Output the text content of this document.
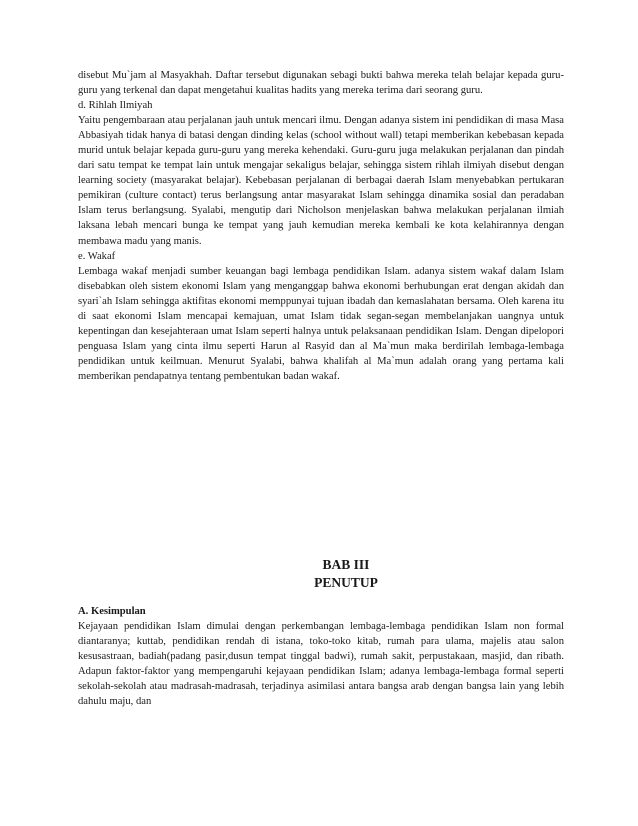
disebut Mu`jam al Masyakhah. Daftar tersebut digunakan sebagi bukti bahwa mereka telah belajar kepada guru-guru yang terkenal dan dapat mengetahui kualitas hadits yang mereka terima dari seorang guru.

d. Rihlah Ilmiyah

Yaitu pengembaraan atau perjalanan jauh untuk mencari ilmu. Dengan adanya sistem ini pendidikan di masa Masa Abbasiyah tidak hanya di batasi dengan dinding kelas (school without wall) tetapi memberikan kebebasan kepada murid untuk belajar kepada guru-guru yang mereka kehendaki. Guru-guru juga melakukan perjalanan dan pindah dari satu tempat ke tempat lain untuk mengajar sekaligus belajar, sehingga sistem rihlah ilmiyah disebut dengan learning society (masyarakat belajar). Kebebasan perjalanan di berbagai daerah Islam menyebabkan pertukaran pemikiran (culture contact) terus berlangsung antar masyarakat Islam sehingga dinamika sosial dan peradaban Islam terus berlangsung. Syalabi, mengutip dari Nicholson menjelaskan bahwa melakukan perjalanan ilmiah laksana lebah mencari bunga ke tempat yang jauh kemudian mereka kembali ke kota kelahirannya dengan membawa madu yang manis.

e. Wakaf

Lembaga wakaf menjadi sumber keuangan bagi lembaga pendidikan Islam. adanya sistem wakaf dalam Islam disebabkan oleh sistem ekonomi Islam yang menganggap bahwa ekonomi berhubungan erat dengan akidah dan syari`ah Islam sehingga aktifitas ekonomi memppunyai tujuan ibadah dan kemaslahatan bersama. Oleh karena itu di saat ekonomi Islam mencapai kemajuan, umat Islam tidak segan-segan membelanjakan uangnya untuk kepentingan dan kesejahteraan umat Islam seperti halnya untuk pelaksanaan pendidikan Islam. Dengan dipelopori penguasa Islam yang cinta ilmu seperti Harun al Rasyid dan al Ma`mun maka berdirilah lembaga-lembaga pendidikan untuk keilmuan. Menurut Syalabi, bahwa khalifah al Ma`mun adalah orang yang pertama kali memberikan pendapatnya tentang pembentukan badan wakaf.

BAB III

PENUTUP

A. Kesimpulan

Kejayaan pendidikan Islam dimulai dengan perkembangan lembaga-lembaga pendidikan Islam non formal diantaranya; kuttab, pendidikan rendah di istana, toko-toko kitab, rumah para ulama, majelis atau salon kesusastraan, badiah(padang pasir,dusun tempat tinggal badwi), rumah sakit, perpustakaan, masjid, dan ribath. Adapun faktor-faktor yang mempengaruhi kejayaan pendidikan Islam; adanya lembaga-lembaga formal seperti sekolah-sekolah atau madrasah-madrasah, terjadinya asimilasi antara bangsa arab dengan bangsa lain yang lebih dahulu maju, dan
